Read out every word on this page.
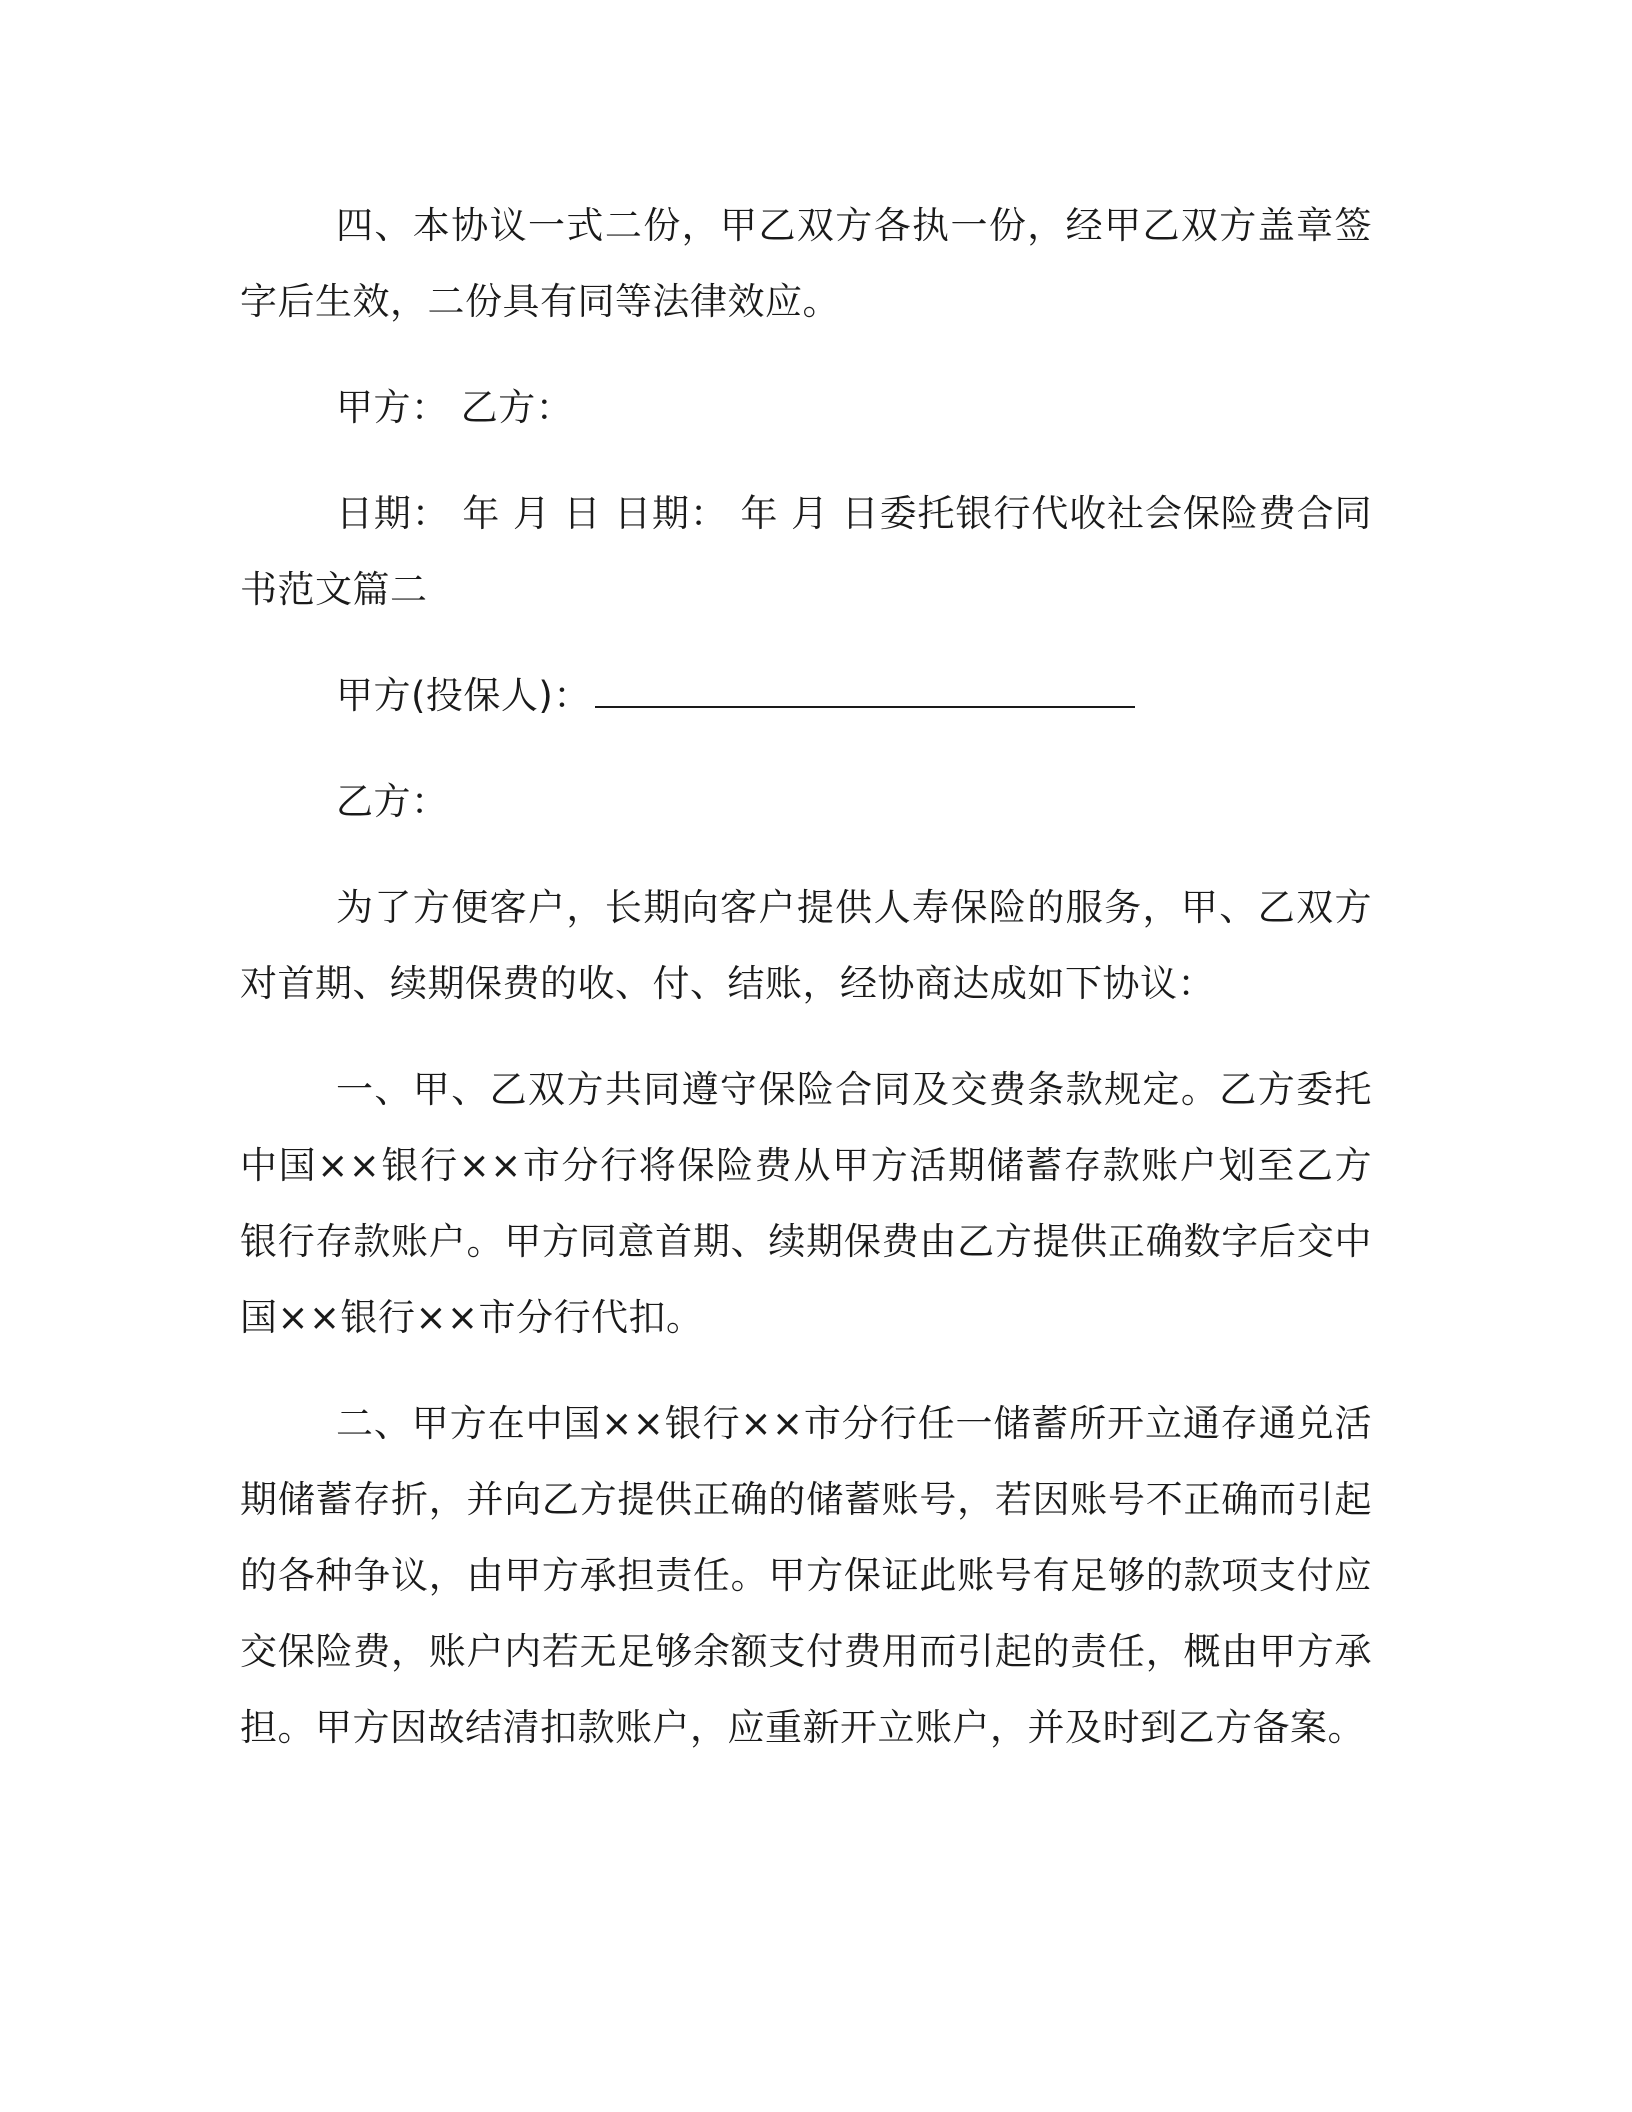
四、本协议一式二份，甲乙双方各执一份，经甲乙双方盖章签字后生效，二份具有同等法律效应。

甲方： 乙方：

日期： 年 月 日 日期： 年 月 日委托银行代收社会保险费合同书范文篇二

甲方(投保人)：

乙方：

为了方便客户，长期向客户提供人寿保险的服务，甲、乙双方对首期、续期保费的收、付、结账，经协商达成如下协议：

一、甲、乙双方共同遵守保险合同及交费条款规定。乙方委托中国××银行××市分行将保险费从甲方活期储蓄存款账户划至乙方银行存款账户。甲方同意首期、续期保费由乙方提供正确数字后交中国××银行××市分行代扣。

二、甲方在中国××银行××市分行任一储蓄所开立通存通兑活期储蓄存折，并向乙方提供正确的储蓄账号，若因账号不正确而引起的各种争议，由甲方承担责任。甲方保证此账号有足够的款项支付应交保险费，账户内若无足够余额支付费用而引起的责任，概由甲方承担。甲方因故结清扣款账户，应重新开立账户，并及时到乙方备案。
